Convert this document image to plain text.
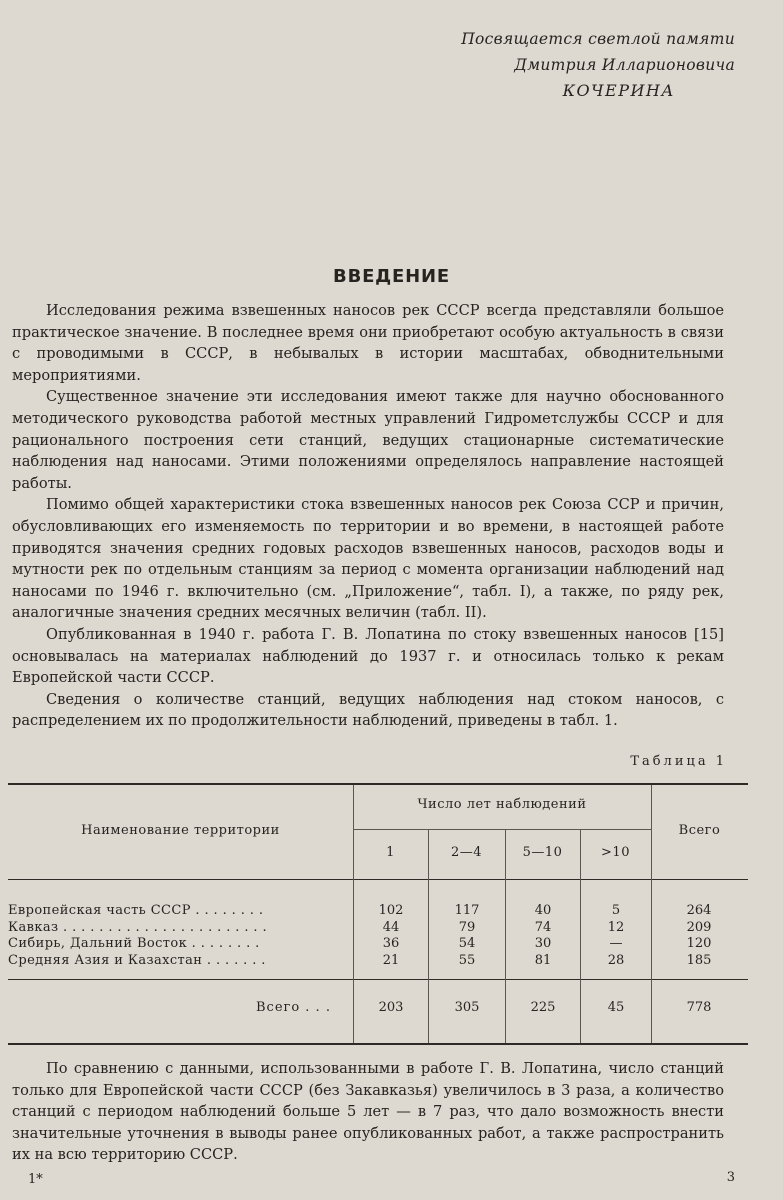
Посвящается светлой памяти
Дмитрия Илларионовича
КОЧЕРИНА
ВВЕДЕНИЕ

Исследования режима взвешенных наносов рек СССР всегда представляли большое практическое значение. В последнее время они приобретают особую актуальность в связи с проводимыми в СССР, в небывалых в истории масштабах, обводнительными мероприятиями.

Существенное значение эти исследования имеют также для научно обоснованного методического руководства работой местных управлений Гидрометслужбы СССР и для рационального построения сети станций, ведущих стационарные систематические наблюдения над наносами. Этими положениями определялось направление настоящей работы.

Помимо общей характеристики стока взвешенных наносов рек Союза ССР и причин, обусловливающих его изменяемость по территории и во времени, в настоящей работе приводятся значения средних годовых расходов взвешенных наносов, расходов воды и мутности рек по отдельным станциям за период с момента организации наблюдений над наносами по 1946 г. включительно (см. „Приложение“, табл. I), а также, по ряду рек, аналогичные значения средних месячных величин (табл. II).

Опубликованная в 1940 г. работа Г. В. Лопатина по стоку взвешенных наносов [15] основывалась на материалах наблюдений до 1937 г. и относилась только к рекам Европейской части СССР.

Сведения о количестве станций, ведущих наблюдения над стоком наносов, с распределением их по продолжительности наблюдений, приведены в табл. 1.

Таблица 1
Наименование территории
Число лет наблюдений
1	2—4	5—10	>10
Всего
Европейская часть СССР . . . . . . . .	102	117	40	5	264
Кавказ . . . . . . . . . . . . . . . . . . . . . . .	44	79	74	12	209
Сибирь, Дальний Восток . . . . . . . .	36	54	30	—	120
Средняя Азия и Казахстан . . . . . . .	21	55	81	28	185
Всего . . .	203	305	225	45	778

По сравнению с данными, использованными в работе Г. В. Лопатина, число станций только для Европейской части СССР (без Закавказья) увеличилось в 3 раза, а количество станций с периодом наблюдений больше 5 лет — в 7 раз, что дало возможность внести значительные уточнения в выводы ранее опубликованных работ, а также распространить их на всю территорию СССР.

1*	3
